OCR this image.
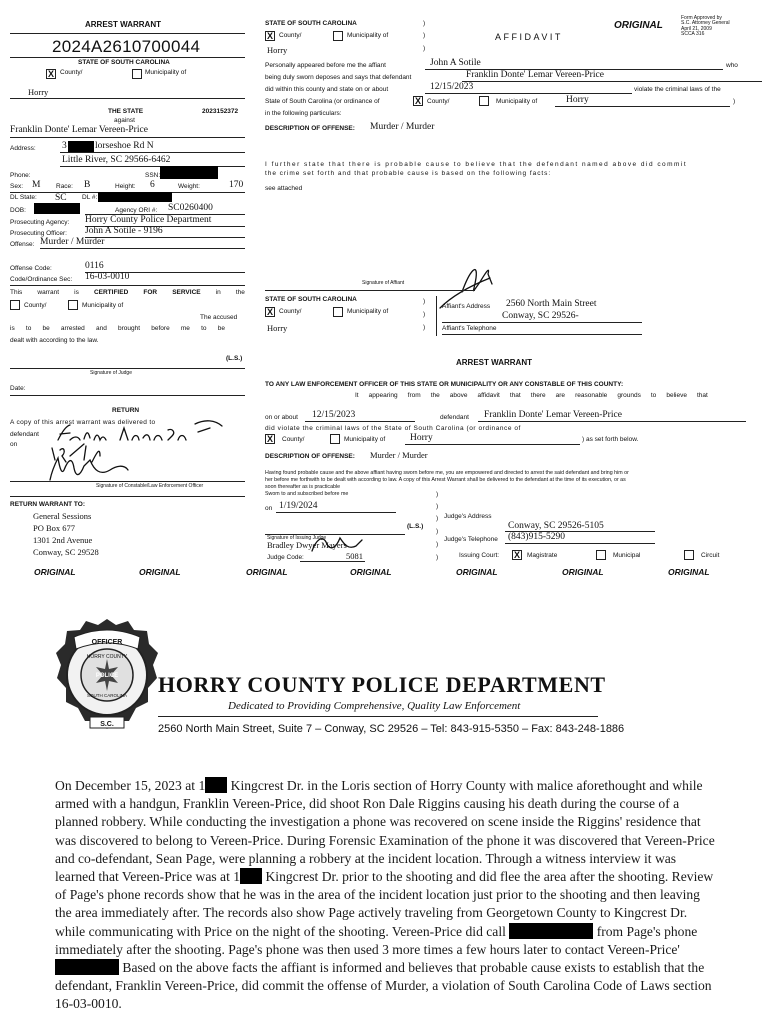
ARREST WARRANT
2024A2610700044
STATE OF SOUTH CAROLINA
X County/	Municipality of
Horry
THE STATE	2023152372
against
Franklin Donte' Lemar Vereen-Price
Address:	3	lorseshoe Rd N
Little River, SC 29566-6462
Phone:	SSN:
Sex: M Race: B	Height: 6	Weight:	170
DL State: SC DL #:
DOB:	Agency ORI #: SC0260400
Prosecuting Agency: Horry County Police Department
Prosecuting Officer: John A Sotile - 9196
Offense: Murder / Murder
Offense Code:	0116
Code/Ordinance Sec: 16-03-0010
This warrant is CERTIFIED FOR SERVICE in the
County/	Municipality of
The accused
is to be arrested and brought before me to be
dealt with according to the law.
(L.S.)
Signature of Judge
Date:
RETURN
A copy of this arrest warrant was delivered to
defendant
on
Signature of Constable/Law Enforcement Officer
RETURN WARRANT TO:
General Sessions
PO Box 677
1301 2nd Avenue
Conway, SC 29528
STATE OF SOUTH CAROLINA
X County/	Municipality of
Horry
)
)
)
AFFIDAVIT
ORIGINAL
Form Approved by
S.C. Attorney General
April 21, 2009
SCCA 316
Personally appeared before me the affiant	John A Sotile	who
being duly sworn deposes and says that defendant	Franklin Donte' Lemar Vereen-Price
did within this county and state on or about	12/15/2023	violate the criminal laws of the
State of South Carolina (or ordinance of	X County/	Municipality of	Horry	)
in the following particulars:
DESCRIPTION OF OFFENSE: Murder / Murder
I further state that there is probable cause to believe that the defendant named above did commit
the crime set forth and that probable cause is based on the following facts:
see attached
Signature of Affiant
STATE OF SOUTH CAROLINA
X County/	Municipality of
Horry
)
)
)
Affiant's Address 2560 North Main Street
Conway, SC 29526-
Affiant's Telephone
ARREST WARRANT
TO ANY LAW ENFORCEMENT OFFICER OF THIS STATE OR MUNICIPALITY OR ANY CONSTABLE OF THIS COUNTY:
It appearing from the above affidavit that there are reasonable grounds to believe that
on or about 12/15/2023	defendant Franklin Donte' Lemar Vereen-Price
did violate the criminal laws of the State of South Carolina (or ordinance of
X	County/	Municipality of	Horry	) as set forth below.
DESCRIPTION OF OFFENSE: Murder / Murder
Having found probable cause and the above affiant having sworn before me, you are empowered and directed to arrest the said defendant and bring him or
her before me forthwith to be dealt with according to law. A copy of this Arrest Warrant shall be delivered to the defendant at the time of its execution, or as
soon thereafter as is practicable
Swom to and subscribed before me
on 1/19/2024
(L.S.)
Signature of Issuing Judge
Bradley Dwyer Mayers
Judge Code:	5081
)
)
)
)
)
)
Judge's Address
Conway, SC 29526-5105
Judge's Telephone (843)915-5290
Issuing Court: X	Magistrate	Municipal	Circuit
ORIGINAL	ORIGINAL	ORIGINAL	ORIGINAL	ORIGINAL	ORIGINAL	ORIGINAL
OFFICER
HORRY COUNTY
POLICE
SOUTH CAROLINA
S.C.
HORRY COUNTY POLICE DEPARTMENT
Dedicated to Providing Comprehensive, Quality Law Enforcement
2560 North Main Street, Suite 7 – Conway, SC 29526 – Tel: 843-915-5350 – Fax: 843-248-1886
On December 15, 2023 at 1 Kingcrest Dr. in the Loris section of Horry County with malice aforethought and while armed with a handgun, Franklin Vereen-Price, did shoot Ron Dale Riggins causing his death during the course of a planned robbery. While conducting the investigation a phone was recovered on scene inside the Riggins' residence that was discovered to belong to Vereen-Price. During Forensic Examination of the phone it was discovered that Vereen-Price and co-defendant, Sean Page, were planning a robbery at the incident location. Through a witness interview it was learned that Vereen-Price was at 1 Kingcrest Dr. prior to the shooting and did flee the area after the shooting. Review of Page's phone records show that he was in the area of the incident location just prior to the shooting and then leaving the area immediately after. The records also show Page actively traveling from Georgetown County to Kingcrest Dr. while communicating with Price on the night of the shooting. Vereen-Price did call	from Page's phone immediately after the shooting. Page's phone was then used 3 more times a few hours later to contact Vereen-Price' Based on the above facts the affiant is informed and believes that probable cause exists to establish that the defendant, Franklin Vereen-Price, did commit the offense of Murder, a violation of South Carolina Code of Laws section 16-03-0010.
